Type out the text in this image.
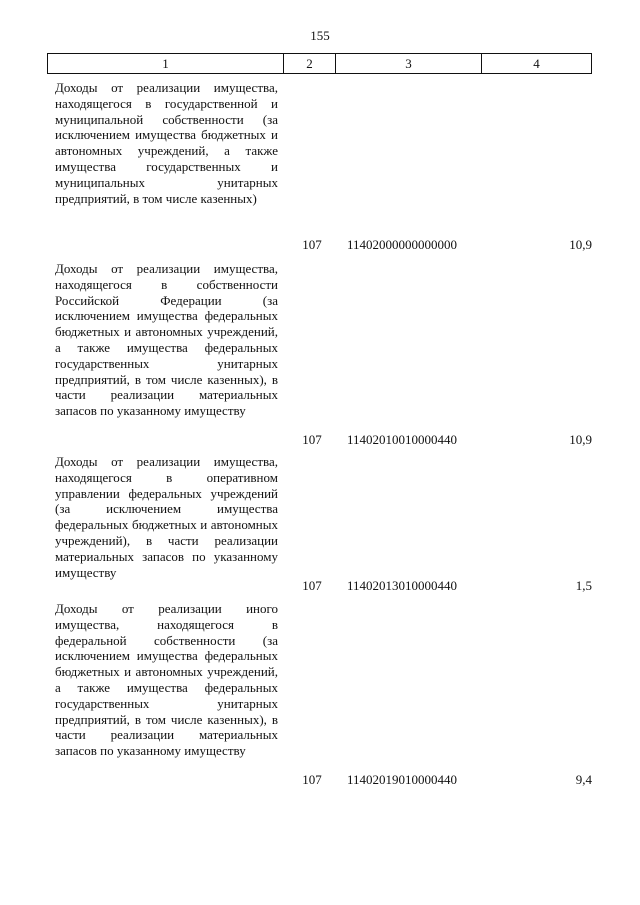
155
1	2	3	4
Доходы от реализации имущества, находящегося в государственной и муниципальной собственности (за исключением имущества бюджетных и автономных учреждений, а также имущества государственных и муниципальных унитарных предприятий, в том числе казенных)
107	11402000000000000	10,9
Доходы от реализации имущества, находящегося в собственности Российской Федерации (за исключением имущества федеральных бюджетных и автономных учреждений, а также имущества федеральных государственных унитарных предприятий, в том числе казенных), в части реализации материальных запасов по указанному имуществу
107	11402010010000440	10,9
Доходы от реализации имущества, находящегося в оперативном управлении федеральных учреждений (за исключением имущества федеральных бюджетных и автономных учреждений), в части реализации материальных запасов по указанному имуществу
107	11402013010000440	1,5
Доходы от реализации иного имущества, находящегося в федеральной собственности (за исключением имущества федеральных бюджетных и автономных учреждений, а также имущества федеральных государственных унитарных предприятий, в том числе казенных), в части реализации материальных запасов по указанному имуществу
107	11402019010000440	9,4
